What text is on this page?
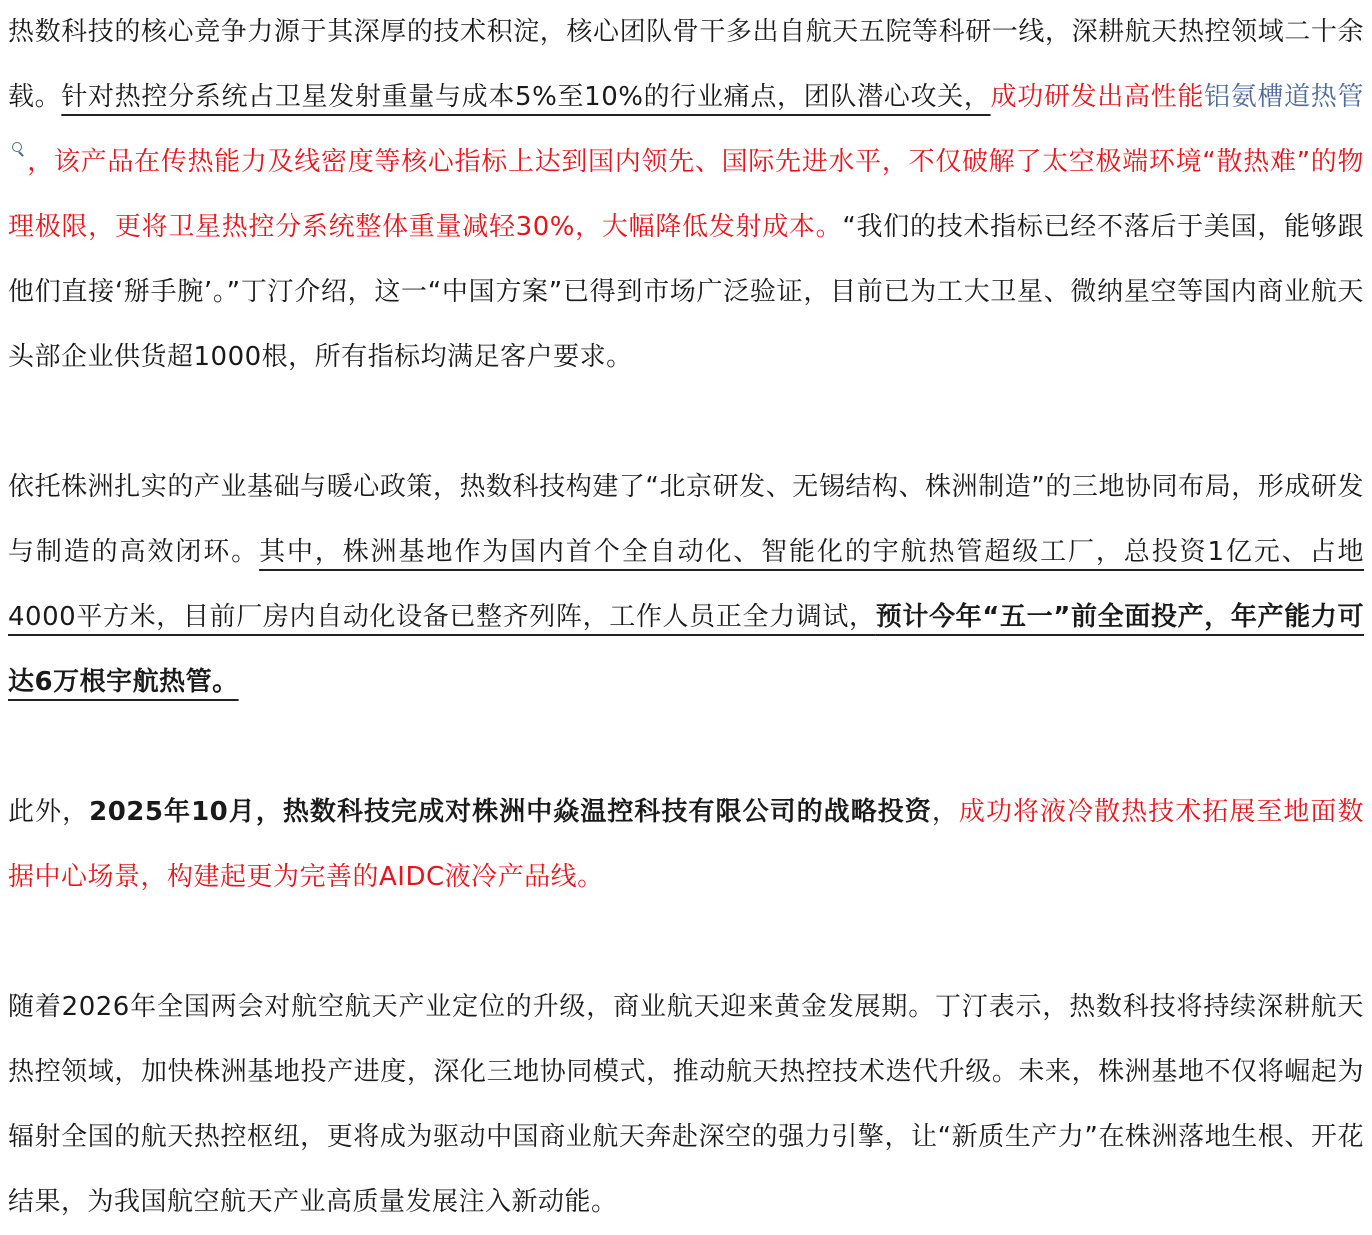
热数科技的核心竞争力源于其深厚的技术积淀，核心团队骨干多出自航天五院等科研一线，深耕航天热控领域二十余载。针对热控分系统占卫星发射重量与成本5%至10%的行业痛点，团队潜心攻关，成功研发出高性能铝氨槽道热管
，该产品在传热能力及线密度等核心指标上达到国内领先、国际先进水平，不仅破解了太空极端环境“散热难”的物理极限，更将卫星热控分系统整体重量减轻30%，大幅降低发射成本。“我们的技术指标已经不落后于美国，能够跟他们直接‘掰手腕’。”丁汀介绍，这一“中国方案”已得到市场广泛验证，目前已为工大卫星、微纳星空等国内商业航天头部企业供货超1000根，所有指标均满足客户要求。

依托株洲扎实的产业基础与暖心政策，热数科技构建了“北京研发、无锡结构、株洲制造”的三地协同布局，形成研发与制造的高效闭环。其中，株洲基地作为国内首个全自动化、智能化的宇航热管超级工厂，总投资1亿元、占地4000平方米，目前厂房内自动化设备已整齐列阵，工作人员正全力调试，预计今年“五一”前全面投产，年产能力可达6万根宇航热管。

此外，2025年10月，热数科技完成对株洲中焱温控科技有限公司的战略投资，成功将液冷散热技术拓展至地面数据中心场景，构建起更为完善的AIDC液冷产品线。

随着2026年全国两会对航空航天产业定位的升级，商业航天迎来黄金发展期。丁汀表示，热数科技将持续深耕航天热控领域，加快株洲基地投产进度，深化三地协同模式，推动航天热控技术迭代升级。未来，株洲基地不仅将崛起为辐射全国的航天热控枢纽，更将成为驱动中国商业航天奔赴深空的强力引擎，让“新质生产力”在株洲落地生根、开花结果，为我国航空航天产业高质量发展注入新动能。
